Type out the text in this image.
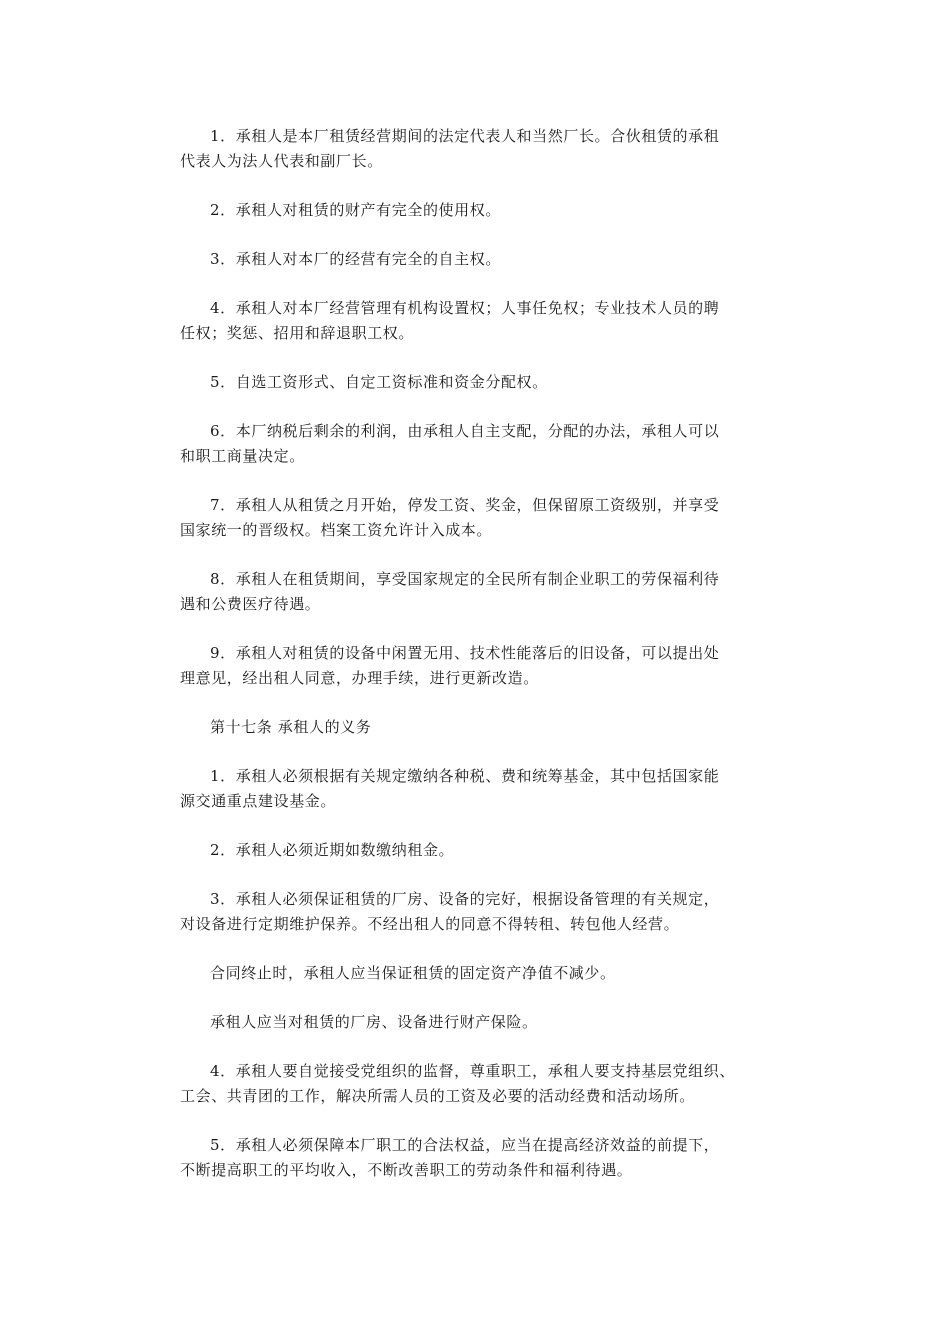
1．承租人是本厂租赁经营期间的法定代表人和当然厂长。合伙租赁的承租
代表人为法人代表和副厂长。

2．承租人对租赁的财产有完全的使用权。

3．承租人对本厂的经营有完全的自主权。

4．承租人对本厂经营管理有机构设置权；人事任免权；专业技术人员的聘
任权；奖惩、招用和辞退职工权。

5．自选工资形式、自定工资标准和资金分配权。

6．本厂纳税后剩余的利润，由承租人自主支配，分配的办法，承租人可以
和职工商量决定。

7．承租人从租赁之月开始，停发工资、奖金，但保留原工资级别，并享受
国家统一的晋级权。档案工资允许计入成本。

8．承租人在租赁期间，享受国家规定的全民所有制企业职工的劳保福利待
遇和公费医疗待遇。

9．承租人对租赁的设备中闲置无用、技术性能落后的旧设备，可以提出处
理意见，经出租人同意，办理手续，进行更新改造。

第十七条 承租人的义务

1．承租人必须根据有关规定缴纳各种税、费和统筹基金，其中包括国家能
源交通重点建设基金。

2．承租人必须近期如数缴纳租金。

3．承租人必须保证租赁的厂房、设备的完好，根据设备管理的有关规定，
对设备进行定期维护保养。不经出租人的同意不得转租、转包他人经营。

合同终止时，承租人应当保证租赁的固定资产净值不减少。

承租人应当对租赁的厂房、设备进行财产保险。

4．承租人要自觉接受党组织的监督，尊重职工，承租人要支持基层党组织、
工会、共青团的工作，解决所需人员的工资及必要的活动经费和活动场所。

5．承租人必须保障本厂职工的合法权益，应当在提高经济效益的前提下，
不断提高职工的平均收入，不断改善职工的劳动条件和福利待遇。
